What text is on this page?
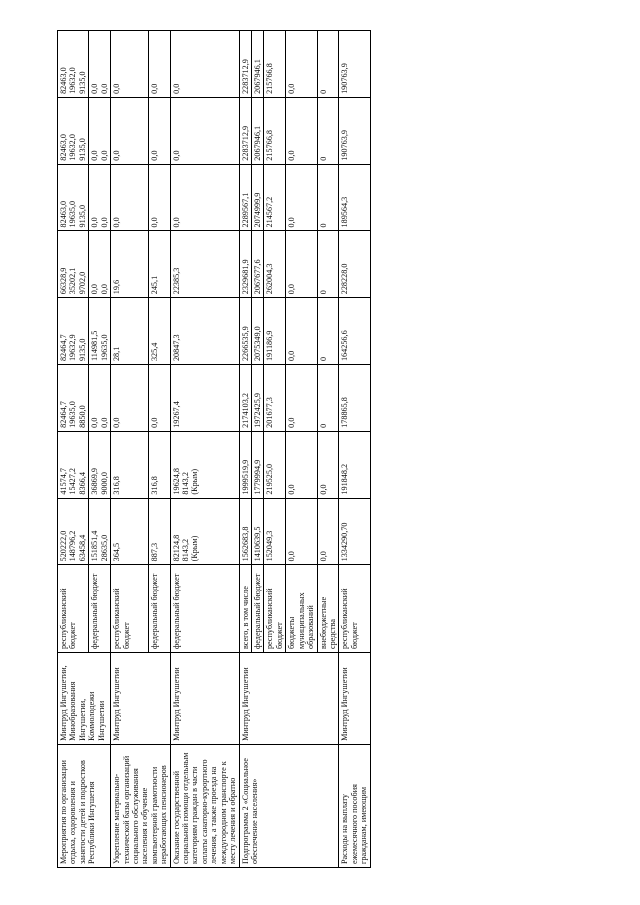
Мероприятия по организации отдыха, оздоровления и занятости детей и подростков Республики Ингушетия	Минтруд Ингушетии, Минобразования Ингушетии, Коммолодежи Ингушетии	республиканский бюджет	520222,0
148796,2
63458,4	41574,7
15427,2
8366,4	82464,7
19635,0
8850,0	82464,7
19632,9
9135,0	66328,9
35202,1
9702,0	82463,0
19635,0
9135,0	82463,0
19632,0
9135,0	82463,0
19632,0
9135,0
		федеральный бюджет	151851,4
28635,0	36869,9
9000,0	0,0
0,0	114981,5
19635,0	0,0
0,0	0,0
0,0	0,0
0,0	0,0
0,0
Укрепление материально-технической базы организаций социального обслуживания населения и обучение компьютерной грамотности неработающих пенсионеров	Минтруд Ингушетии	республиканский бюджет	364,5	316,8	0,0	28,1	19,6	0,0	0,0	0,0
		федеральный бюджет	887,3	316,8	0,0	325,4	245,1	0,0	0,0	0,0
Оказание государственной социальной помощи отдельным категориям граждан в части оплаты санаторно-курортного лечения, а также проезда на междугородном транспорте к месту лечения и обратно	Минтруд Ингушетии	федеральный бюджет	82124,8
8143,2
(Крым)	19624,8
8143,2
(Крым)	19267,4	20847,3	22385,3	0,0	0,0	0,0
Подпрограмма 2 «Социальное обеспечение населения»	Минтруд Ингушетии	всего, в том числе	1562683,8	1999519,9	2174103,2	2266535,9	2329681,9	2289567,1	2283712,9	2283712,9
		федеральный бюджет	1410639,5	1779994,9	1972425,9	2075349,0	2067677,6	2074999,9	2067946,1	2067946,1
		республиканский бюджет	152049,3	219525,0	201677,3	191186,9	262004,3	214567,2	215766,8	215766,8
		бюджеты муниципальных образований	0,0	0,0	0,0	0,0	0,0	0,0	0,0	0,0
		внебюджетные средства	0,0	0,0	0	0	0	0	0	0
Расходы на выплату ежемесячного пособия гражданам, имеющим	Минтруд Ингушетии	республиканский бюджет	1334290,70	191848,2	178865,8	164256,6	228228,0	189564,3	190763,9	190763,9
